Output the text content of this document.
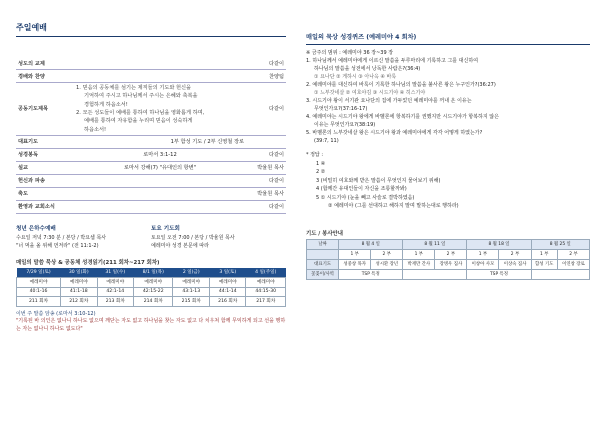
주일예배
성도의 교제	다같이
경배와 찬양	찬양팀
공동기도제목
1. 믿음의 공동체를 섬기는 제직들의 기도와 헌신을
기억하여 주시고 하나님께서 주시는 은혜와 축복을
경험하게 하옵소서!
2. 모든 성도들이 예배를 통하여 하나님을 영화롭게 하며,
예배를 통하여 자유함을 누리며 믿음이 성숙하게
하옵소서!
다같이
대표기도	1부 함성 기도 / 2부 신영철 장로
성경봉독	로마서 3:1-12	다같이
설교	로마서 강해(7) "유대인의 항변"	박율원 목사
헌신과 파송	다같이
축도	박율원 목사
환영과 교회소식	다같이
청년 은하수예배

수요일 저녁 7:30 분 / 본당 / 박요셉 목사

"너 먹을 올 위해 먼저라" (전 11:1-2)

토요 기도회

토요일 오전 7:00 / 본당 / 박율원 목사

예레미야 성경 본문에 따라

매일의 말씀 묵상 & 공동체 성경읽기(211 회차~217 회차)
7/29 일(토)	30 일(화)	31 일(수)	8/1 일(목)	2 일(금)	3 일(토)	4 일(주일)
예레미야	예레미야	예레미야	예레미야	예레미야	예레미야	예레미야
40:1-16	41:1-18	42:1-14	42:15-22	43:1-13	44:1-14	44:15-30
211 회차	212 회차	213 회차	214 회차	215 회차	216 회차	217 회차
이번 주 말씀 암송 (로마서 3:10-12)
"기록된 바 의인은 없나니 하나도 없으며 깨닫는 자도 없고 하나님을 찾는 자도 없고 다 치우쳐 함께 무익하게 되고 선을 행하는 자는 없나니 하나도 없도다"
매일의 묵상 성경퀴즈 (예레미야 4 회차)

※ 금주의 범위 : 예레미야 36 장~39 장

1. 하나님께서 예레미야에게 이르신 말씀을 두루마리에 기록하고 그를 대신하여

하나님의 말씀을 성전에서 낭독한 사람은?(36:4)

① 요나단 ② 게하시 ③ 아나옥 ④ 바룩

2. 예레미야를 대신하여 바룩이 기록한 하나님의 말씀을 불사른 왕은 누구인가?(36:27)

① 느부갓네살 ② 여호야김 ③ 시드기야 ④ 히스기야

3. 시드기야 왕이 서기관 요나단의 집에 가두었던 예레미야를 꺼내 온 이유는

무엇인가요?(37:16-17)

4. 예레미야는 시드기야 왕에게 바벨론에 항복하기를 권했지만 시드기야가 항복하지 않은

이유는 무엇인가요?(38:19)

5. 바벨론의 느부갓네살 왕은 시드기야 왕과 예레미야에게 각각 어떻게 하였는가?

(39:7, 11)

* 정답 :

1 ④

2 ②

3 (비밀히 여호와께 받은 말씀이 무엇인지 물어보기 위해)

4 (합께간 유대인들이 자신을 조롱할까봐)

5 ① 시드기야 (눈을 빼고 사슬로 결박하였음)

② 예레미야 (그를 선대하고 해하지 말며 말하는대로 행하라)

기도 / 봉사안내
날짜	8 월 4 일		8 월 11 일		8 월 18 일		8 월 25 일	
	1 부	2 부	1 부	2 부	1 부	2 부	1 부	2 부
대표기도	성중창 목자	성시환 장년	박재만 간사	장병우 집사	이창아 사모	이상숙 집사	함성 기도	이연창 장로
꽃꽂이/사역	TSP 특정				TSP 특정			
